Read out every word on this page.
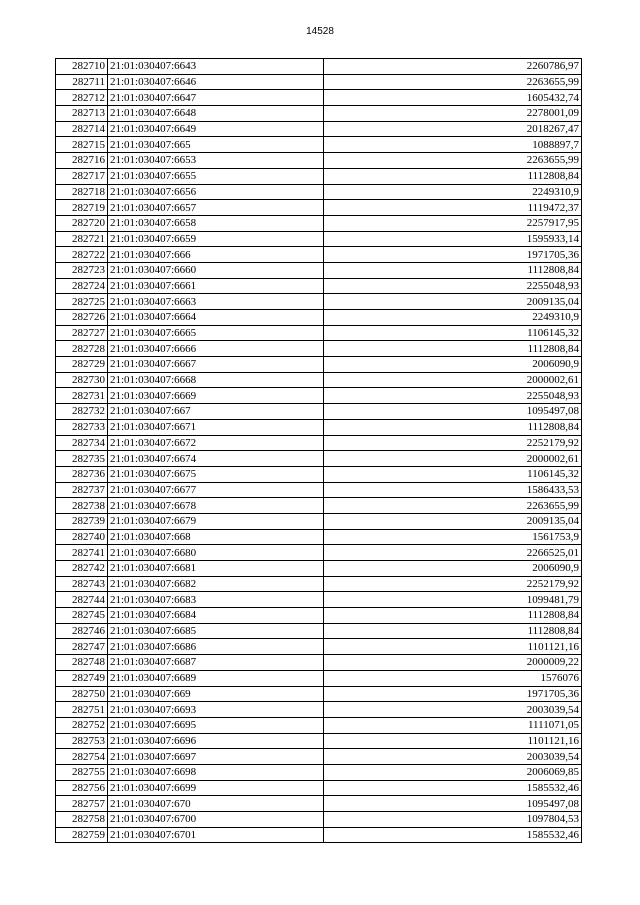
14528
282710	21:01:030407:6643	2260786,97
282711	21:01:030407:6646	2263655,99
282712	21:01:030407:6647	1605432,74
282713	21:01:030407:6648	2278001,09
282714	21:01:030407:6649	2018267,47
282715	21:01:030407:665	1088897,7
282716	21:01:030407:6653	2263655,99
282717	21:01:030407:6655	1112808,84
282718	21:01:030407:6656	2249310,9
282719	21:01:030407:6657	1119472,37
282720	21:01:030407:6658	2257917,95
282721	21:01:030407:6659	1595933,14
282722	21:01:030407:666	1971705,36
282723	21:01:030407:6660	1112808,84
282724	21:01:030407:6661	2255048,93
282725	21:01:030407:6663	2009135,04
282726	21:01:030407:6664	2249310,9
282727	21:01:030407:6665	1106145,32
282728	21:01:030407:6666	1112808,84
282729	21:01:030407:6667	2006090,9
282730	21:01:030407:6668	2000002,61
282731	21:01:030407:6669	2255048,93
282732	21:01:030407:667	1095497,08
282733	21:01:030407:6671	1112808,84
282734	21:01:030407:6672	2252179,92
282735	21:01:030407:6674	2000002,61
282736	21:01:030407:6675	1106145,32
282737	21:01:030407:6677	1586433,53
282738	21:01:030407:6678	2263655,99
282739	21:01:030407:6679	2009135,04
282740	21:01:030407:668	1561753,9
282741	21:01:030407:6680	2266525,01
282742	21:01:030407:6681	2006090,9
282743	21:01:030407:6682	2252179,92
282744	21:01:030407:6683	1099481,79
282745	21:01:030407:6684	1112808,84
282746	21:01:030407:6685	1112808,84
282747	21:01:030407:6686	1101121,16
282748	21:01:030407:6687	2000009,22
282749	21:01:030407:6689	1576076
282750	21:01:030407:669	1971705,36
282751	21:01:030407:6693	2003039,54
282752	21:01:030407:6695	1111071,05
282753	21:01:030407:6696	1101121,16
282754	21:01:030407:6697	2003039,54
282755	21:01:030407:6698	2006069,85
282756	21:01:030407:6699	1585532,46
282757	21:01:030407:670	1095497,08
282758	21:01:030407:6700	1097804,53
282759	21:01:030407:6701	1585532,46
